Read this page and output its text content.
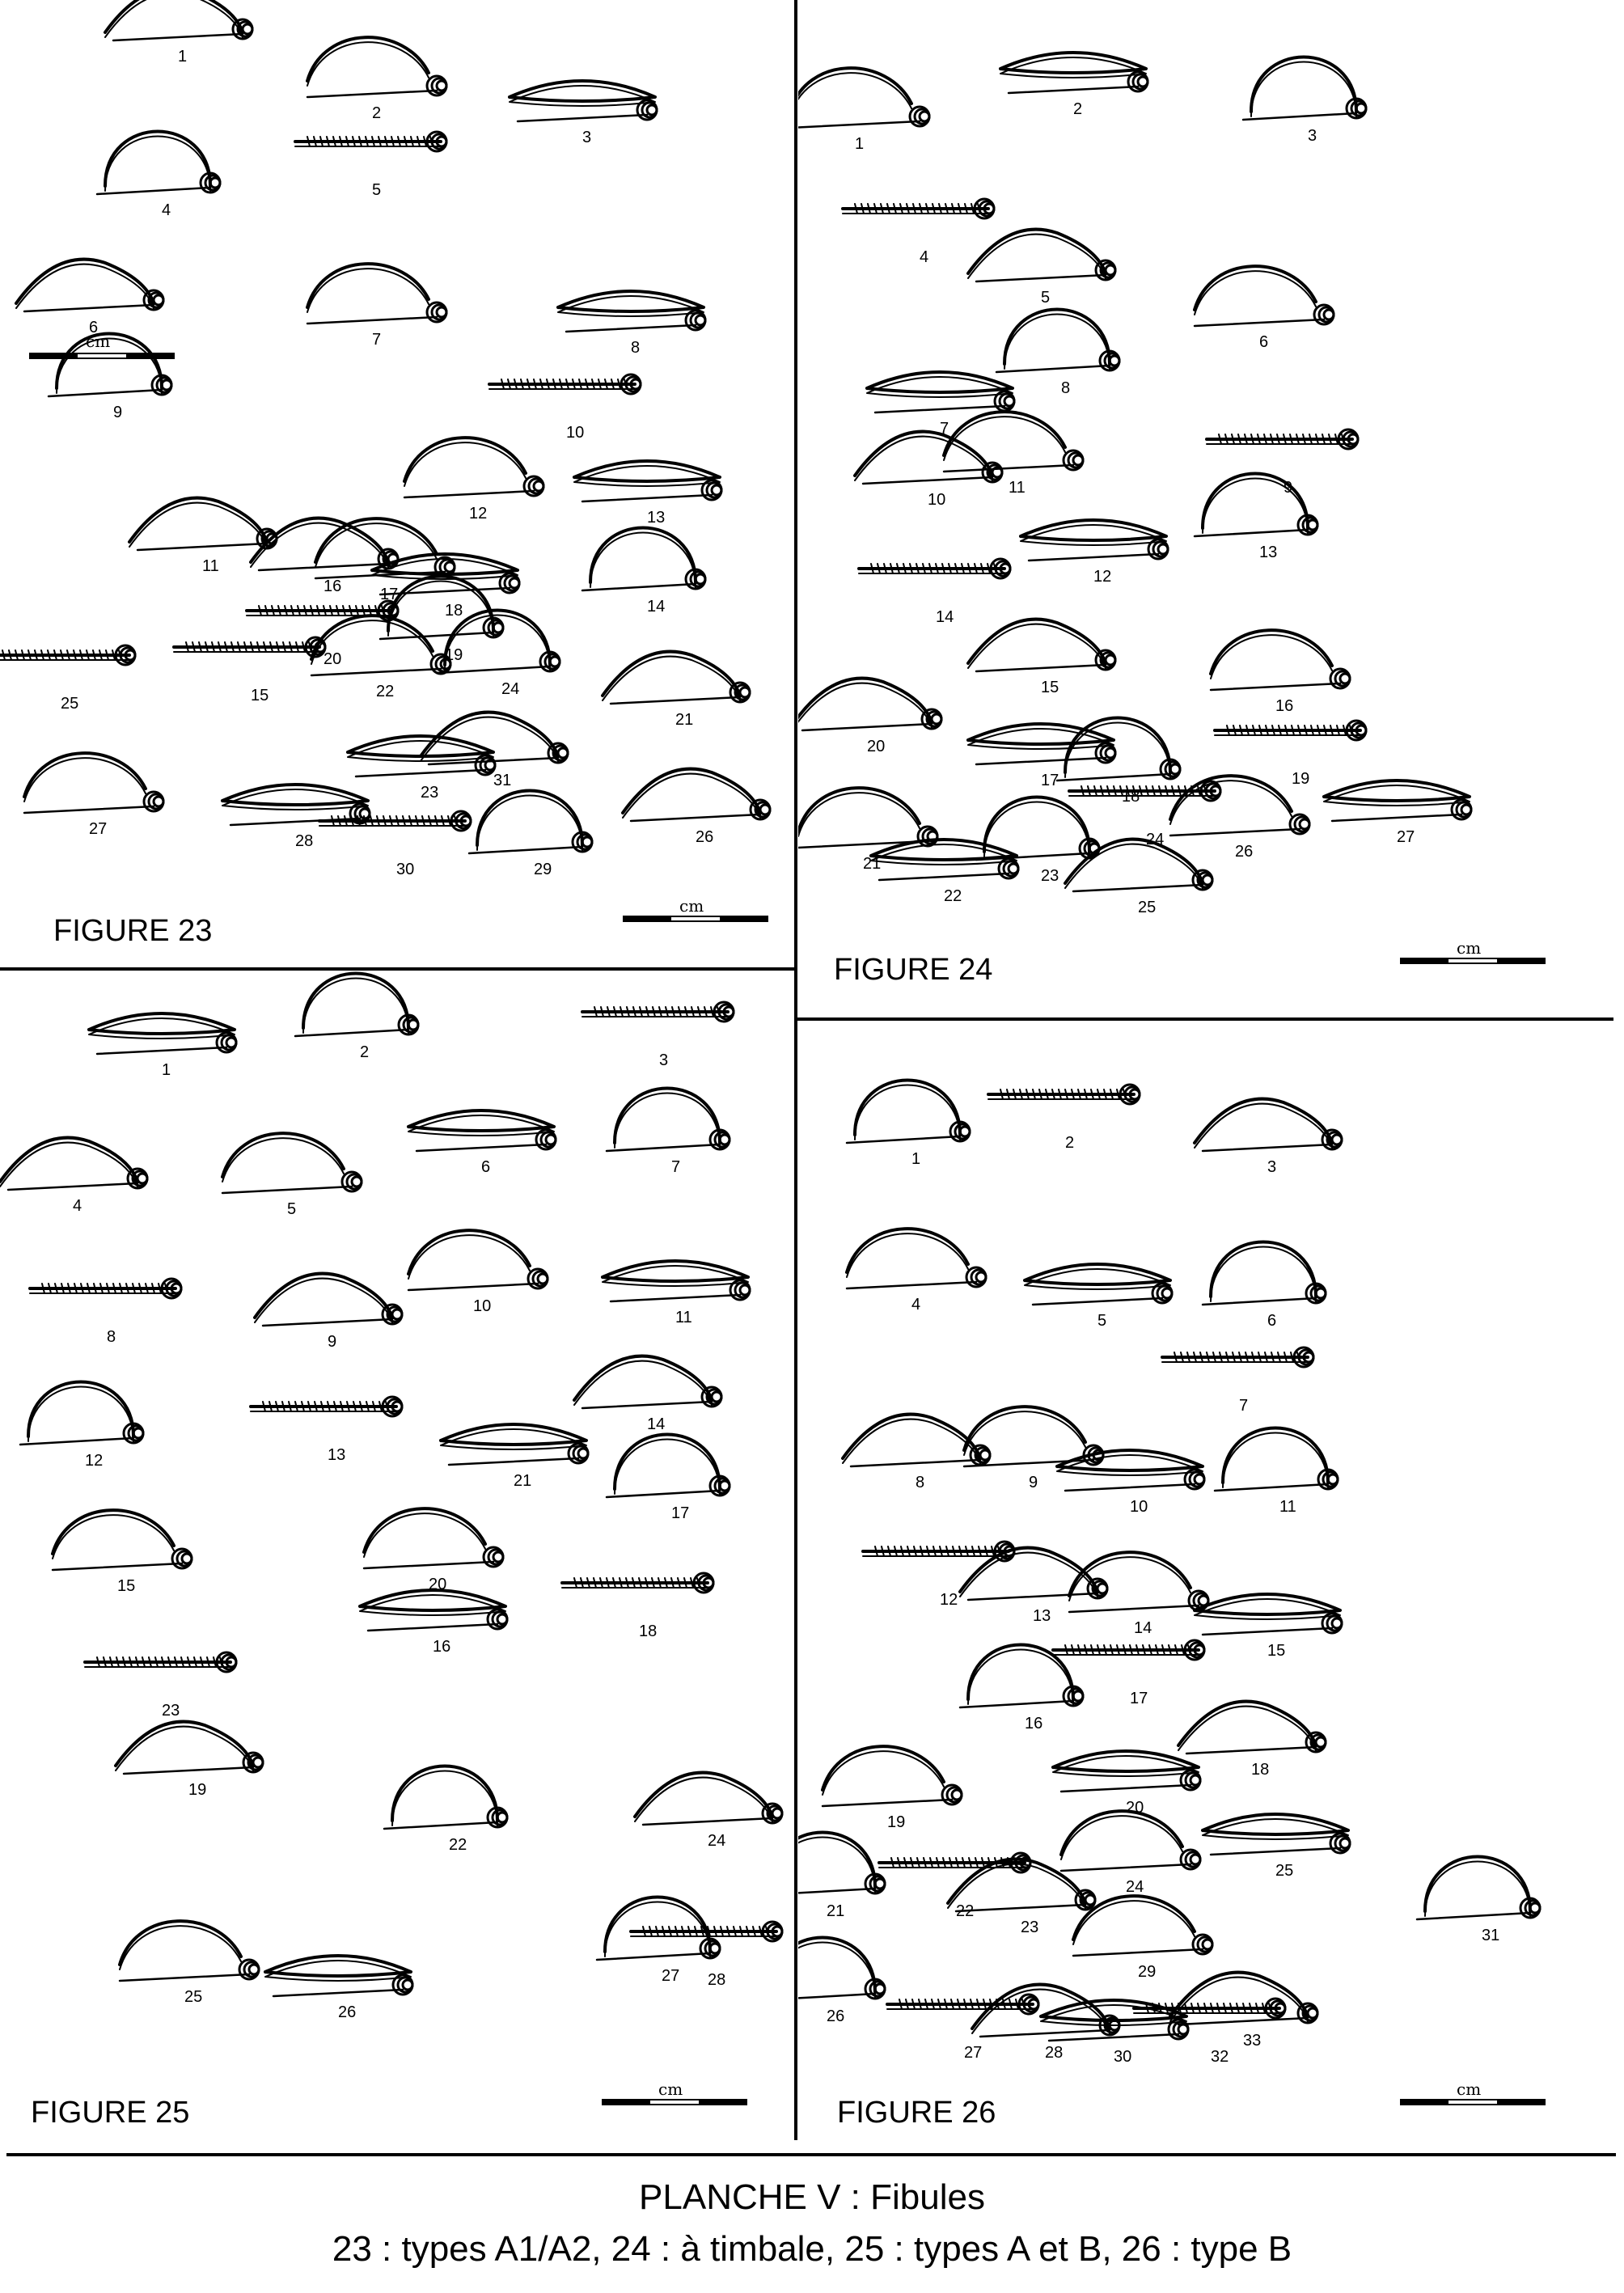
FIGURE 23
cm
cm
1
2
3
4
5
6
7	8
9
10
11
12	13
14
15
16 17
18
19
20
21
22
23
24
25
26
27
28
29
30
31
FIGURE 24
cm
1
2
3
4
5
6
7
8
9
10
11
12
13
14
15
16
17
18
19
20
21
22
23
24
25
26
27
FIGURE 25
cm
1
2	3
4	5
6	7
8	9
10
11
12	13
14
15
16
17
18
19
20
21
22
23
24
25
26
27 28
FIGURE 26
cm
1
2
3
4
5	6
7
8	9
10	11
12
13
14
15
16
17
18
19
20
21	22
23
24
25
26
27	28
29
30
31
32
33
PLANCHE V : Fibules
23 : types A1/A2, 24 : à timbale, 25 : types A et B, 26 : type B
